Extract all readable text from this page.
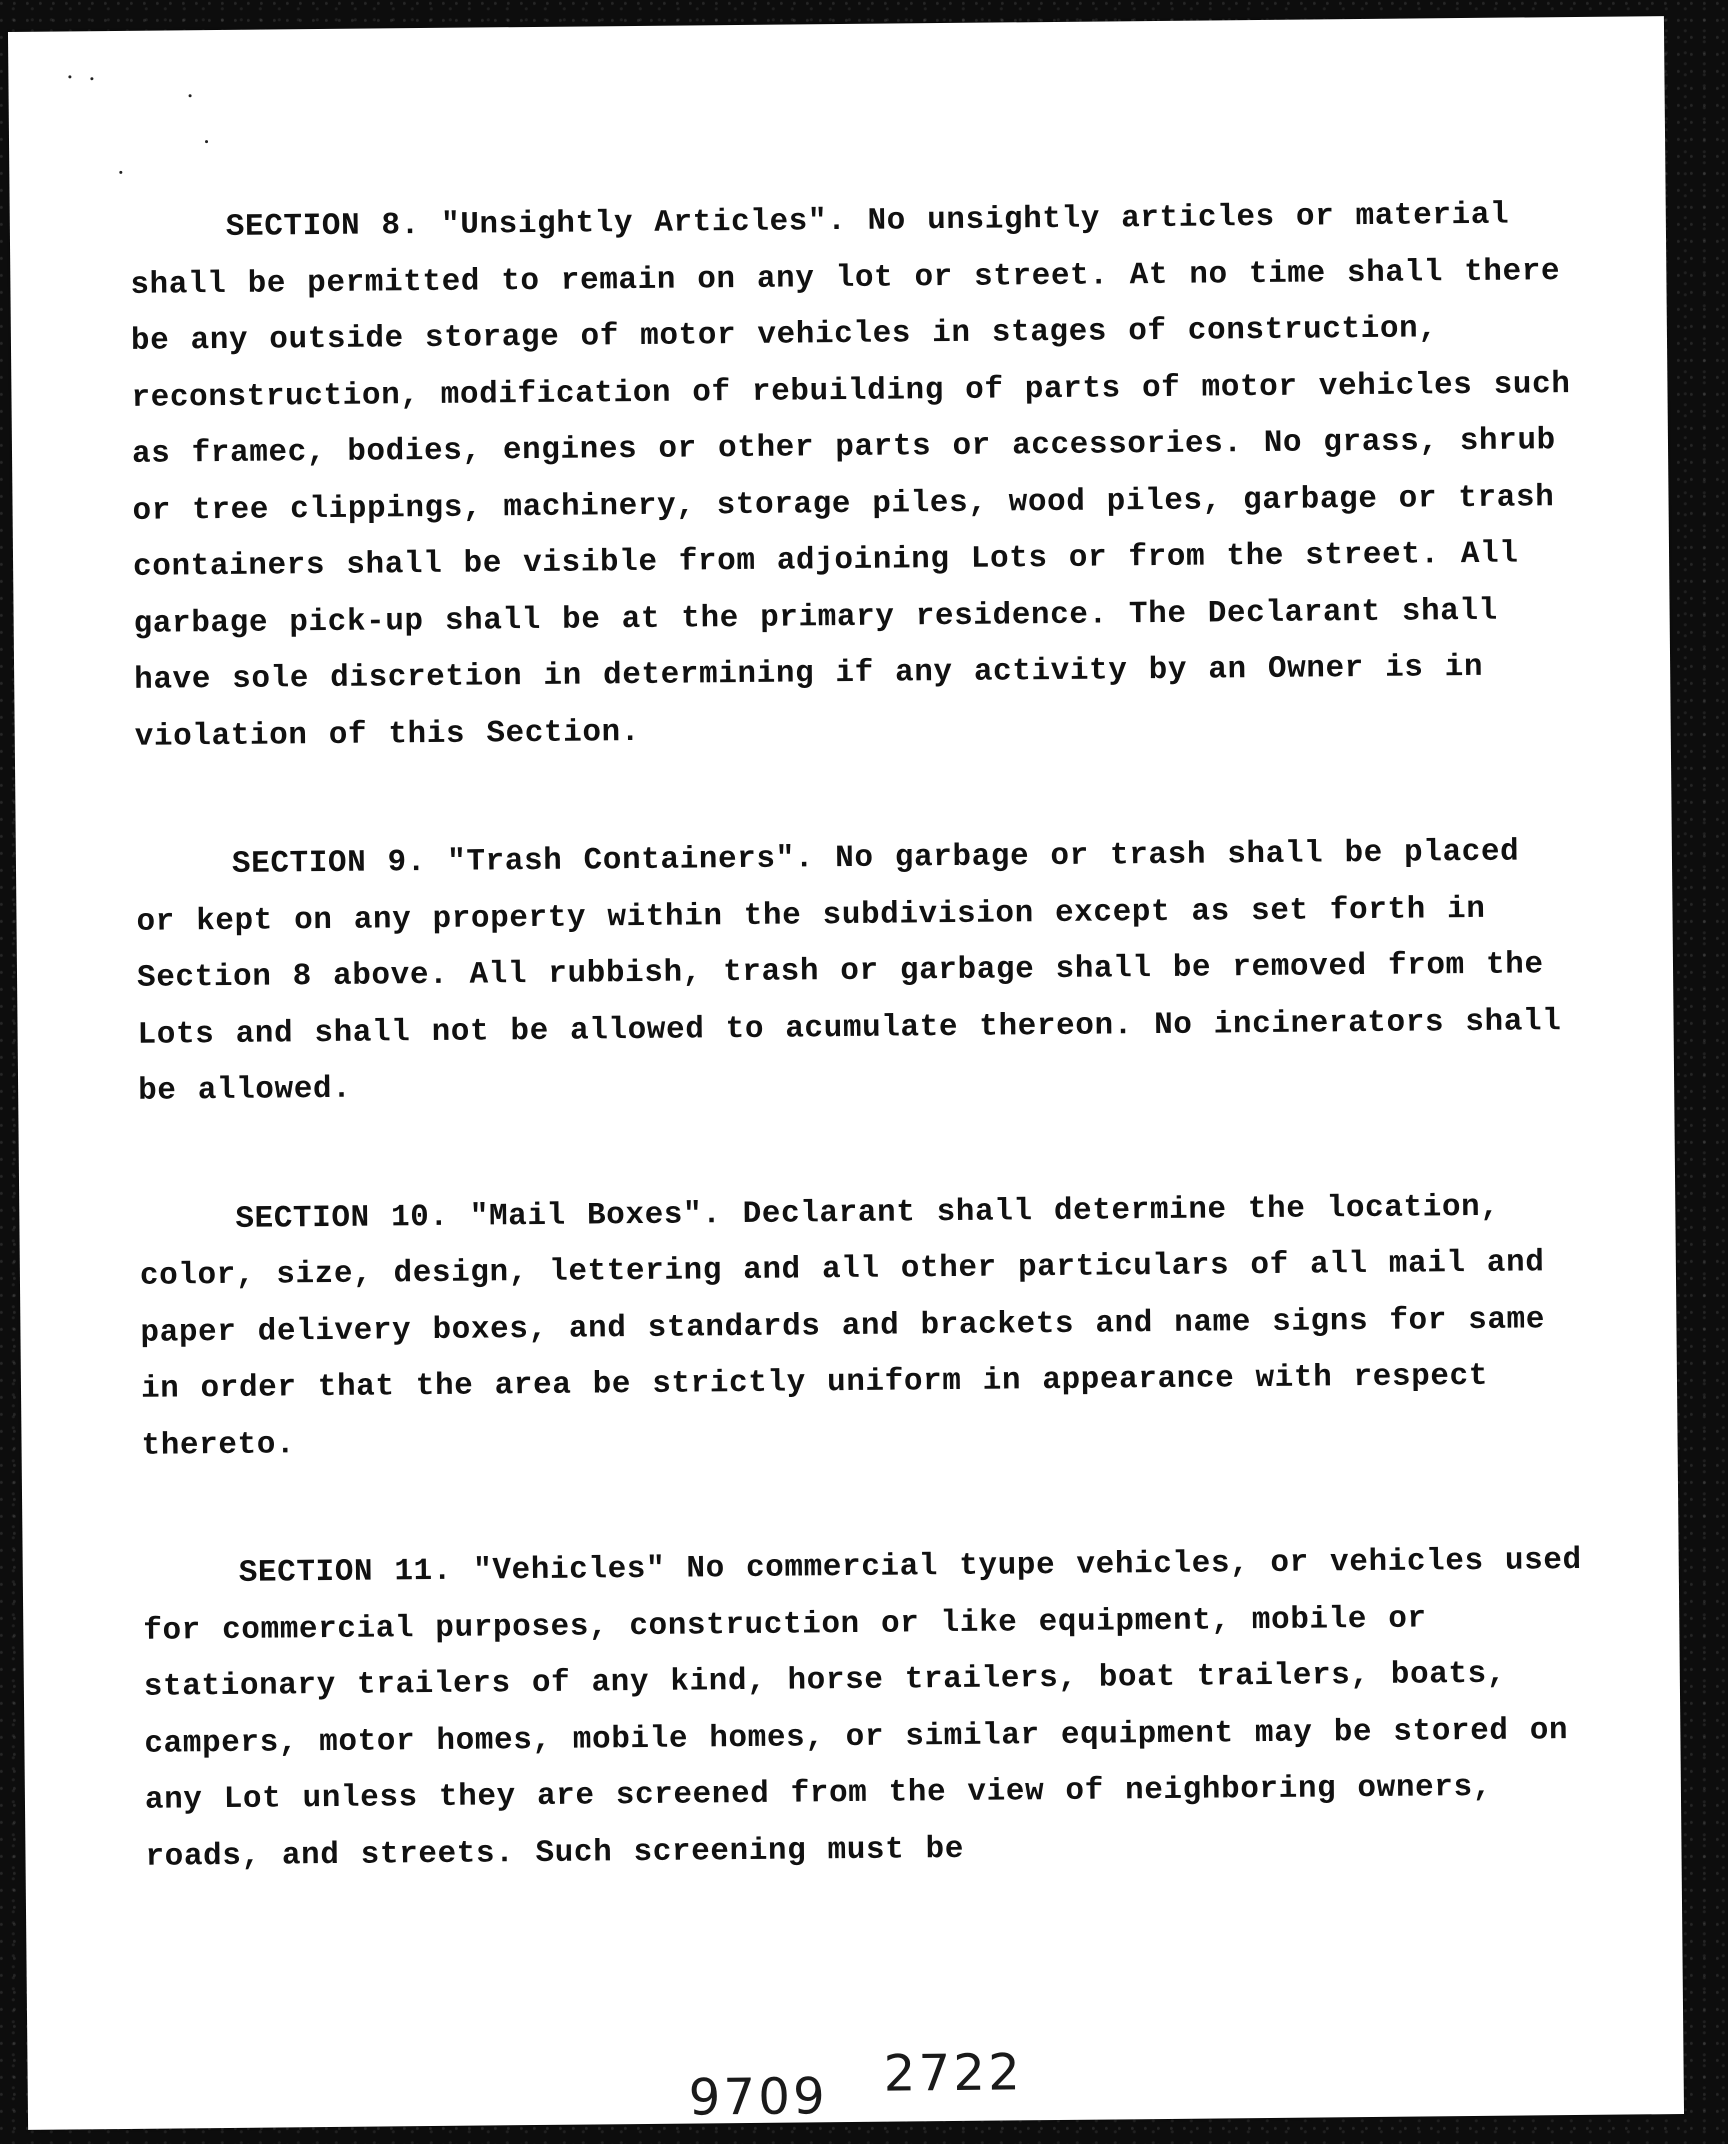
SECTION 8. "Unsightly Articles". No unsightly articles or material shall be permitted to remain on any lot or street. At no time shall there be any outside storage of motor vehicles in stages of construction, reconstruction, modification of rebuilding of parts of motor vehicles such as framec, bodies, engines or other parts or accessories. No grass, shrub or tree clippings, machinery, storage piles, wood piles, garbage or trash containers shall be visible from adjoining Lots or from the street. All garbage pick-up shall be at the primary residence. The Declarant shall have sole discretion in determining if any activity by an Owner is in violation of this Section.

SECTION 9. "Trash Containers". No garbage or trash shall be placed or kept on any property within the subdivision except as set forth in Section 8 above. All rubbish, trash or garbage shall be removed from the Lots and shall not be allowed to acumulate thereon. No incinerators shall be allowed.

SECTION 10. "Mail Boxes". Declarant shall determine the location, color, size, design, lettering and all other particulars of all mail and paper delivery boxes, and standards and brackets and name signs for same in order that the area be strictly uniform in appearance with respect thereto.

SECTION 11. "Vehicles" No commercial tyupe vehicles, or vehicles used for commercial purposes, construction or like equipment, mobile or stationary trailers of any kind, horse trailers, boat trailers, boats, campers, motor homes, mobile homes, or similar equipment may be stored on any Lot unless they are screened from the view of neighboring owners, roads, and streets. Such screening must be

9709 2722
